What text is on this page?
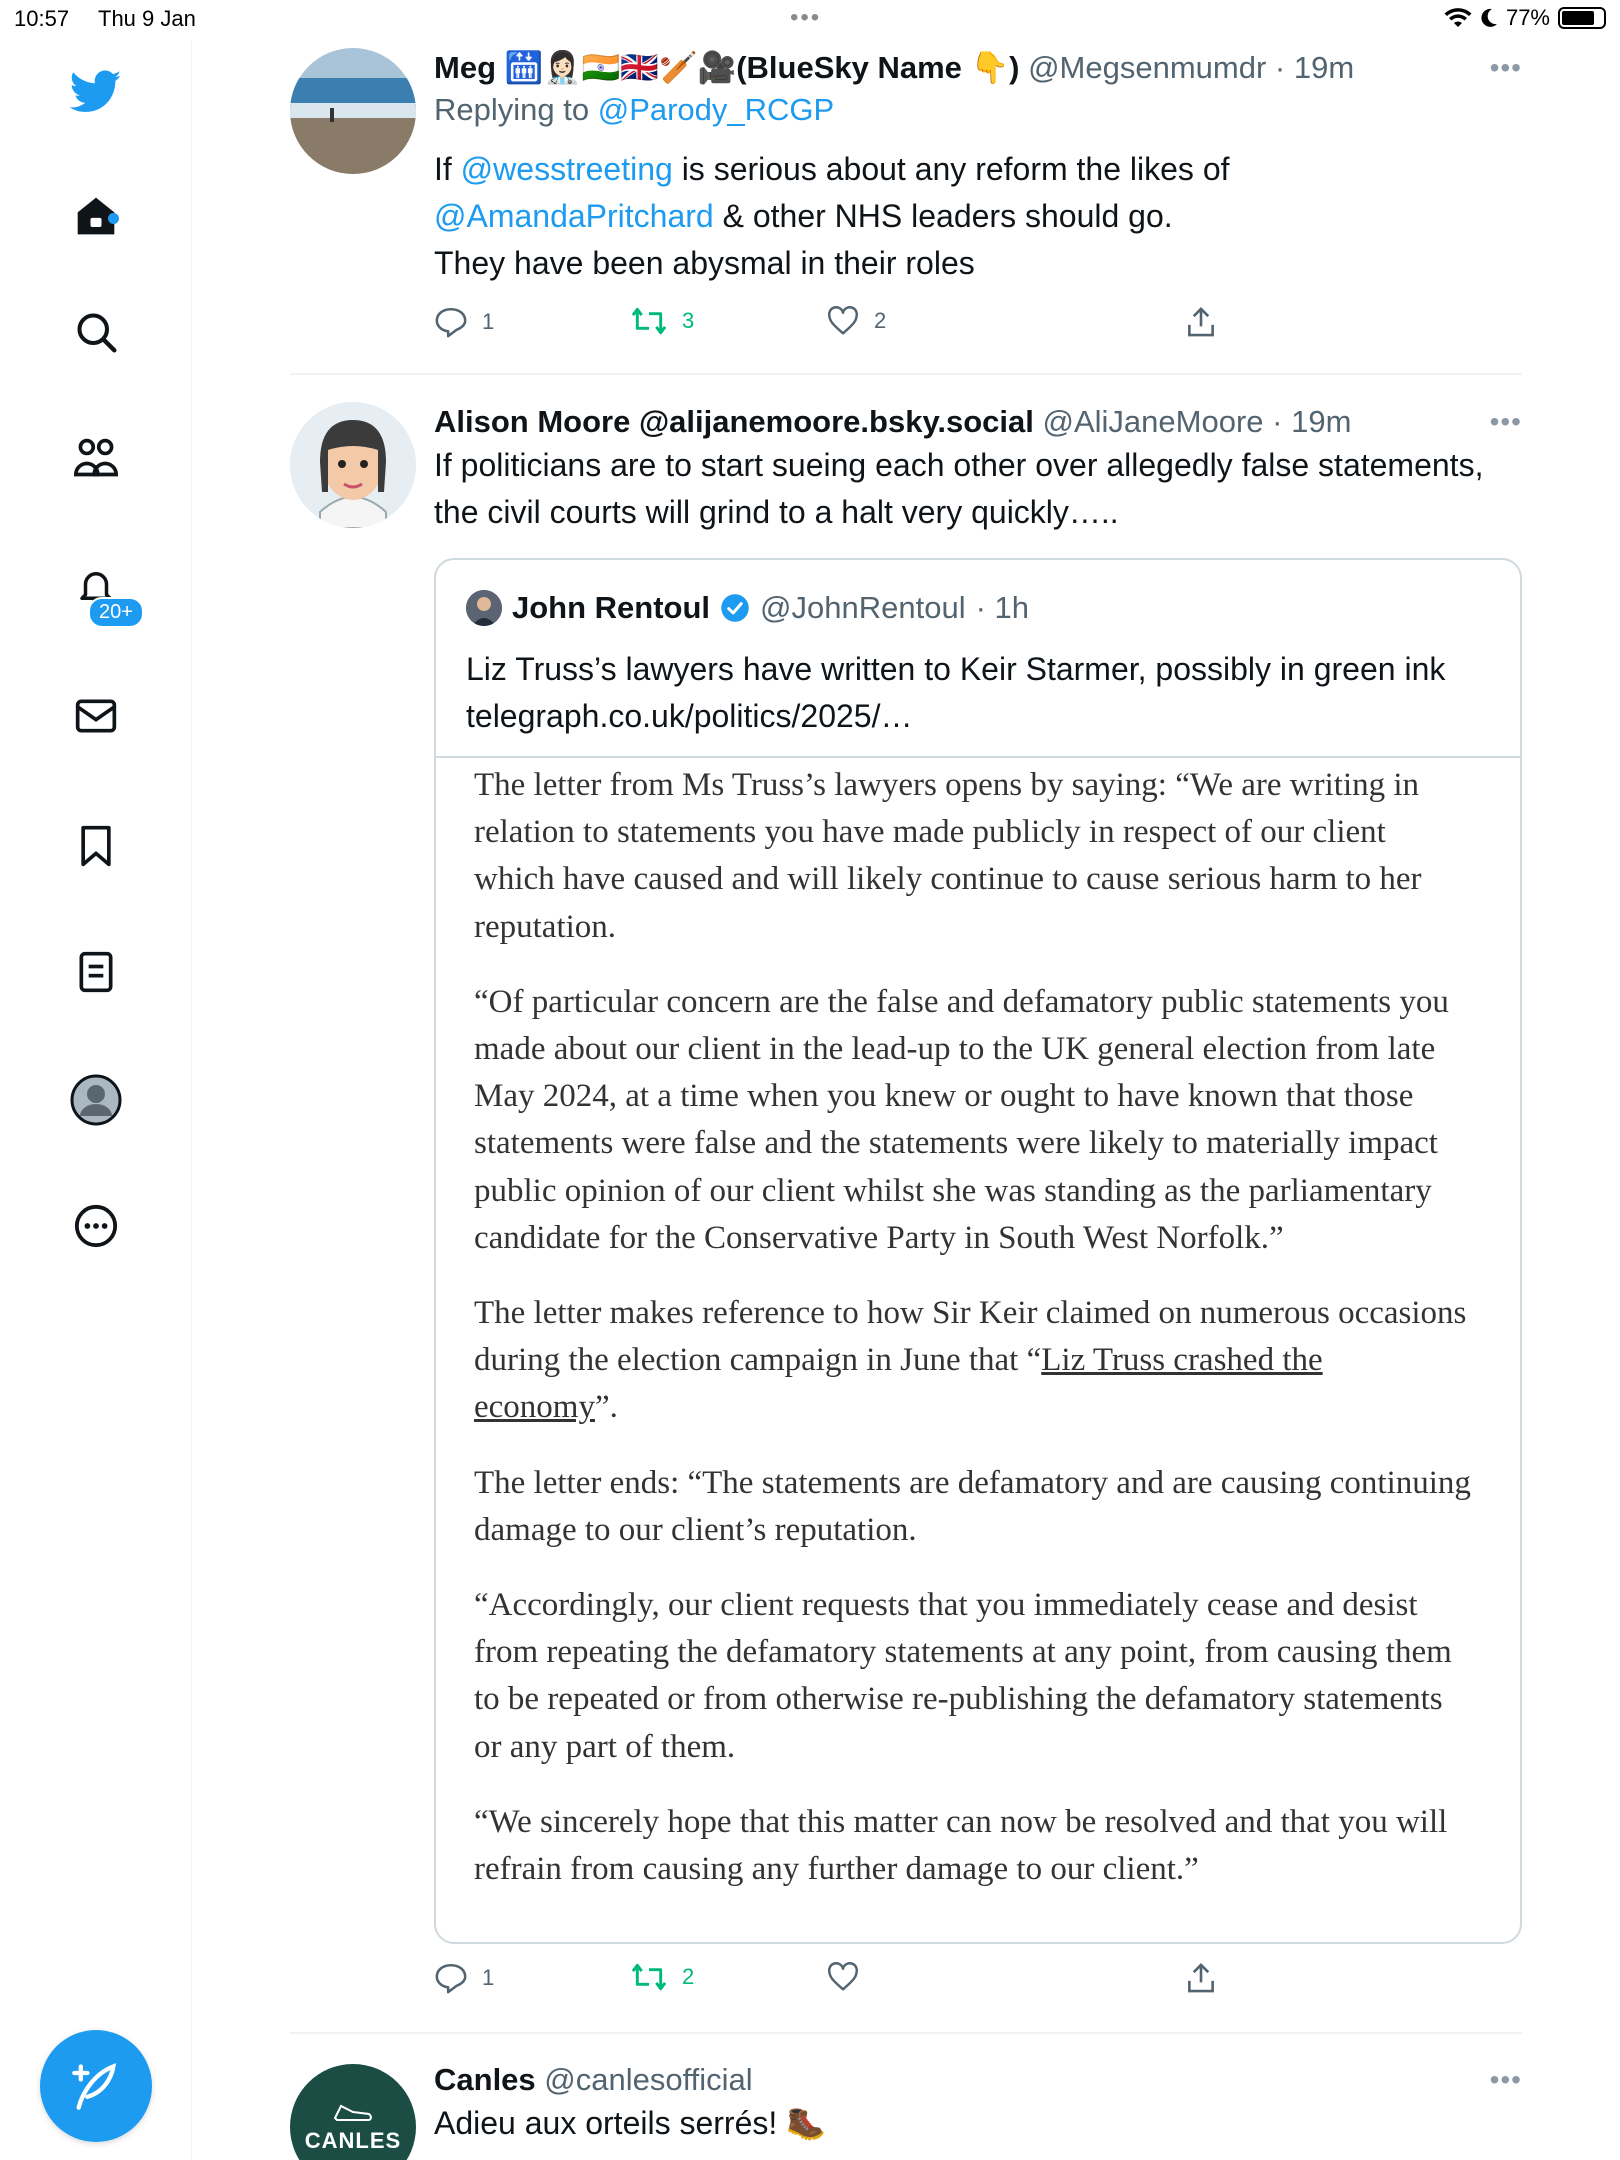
10:57 Thu 9 Jan	•••	77%
20+
Meg 🛗👩🏻‍⚕️🇮🇳🇬🇧🏏🎥(BlueSky Name 👇) @Megsenmumdr · 19m	•••
Replying to @Parody_RCGP
If @wesstreeting is serious about any reform the likes of
@AmandaPritchard & other NHS leaders should go.
They have been abysmal in their roles
1	3	2
Alison Moore @alijanemoore.bsky.social @AliJaneMoore · 19m	•••
If politicians are to start sueing each other over allegedly false statements, the civil courts will grind to a halt very quickly…..
John Rentoul @JohnRentoul · 1h
Liz Truss’s lawyers have written to Keir Starmer, possibly in green ink telegraph.co.uk/politics/2025/…

The letter from Ms Truss’s lawyers opens by saying: “We are writing in relation to statements you have made publicly in respect of our client which have caused and will likely continue to cause serious harm to her reputation.

“Of particular concern are the false and defamatory public statements you made about our client in the lead-up to the UK general election from late May 2024, at a time when you knew or ought to have known that those statements were false and the statements were likely to materially impact public opinion of our client whilst she was standing as the parliamentary candidate for the Conservative Party in South West Norfolk.”

The letter makes reference to how Sir Keir claimed on numerous occasions during the election campaign in June that “Liz Truss crashed the economy”.

The letter ends: “The statements are defamatory and are causing continuing damage to our client’s reputation.

“Accordingly, our client requests that you immediately cease and desist from repeating the defamatory statements at any point, from causing them to be repeated or from otherwise re-publishing the defamatory statements or any part of them.

“We sincerely hope that this matter can now be resolved and that you will refrain from causing any further damage to our client.”

1	2
CANLES
Canles @canlesofficial	•••
Adieu aux orteils serrés! 🥾
